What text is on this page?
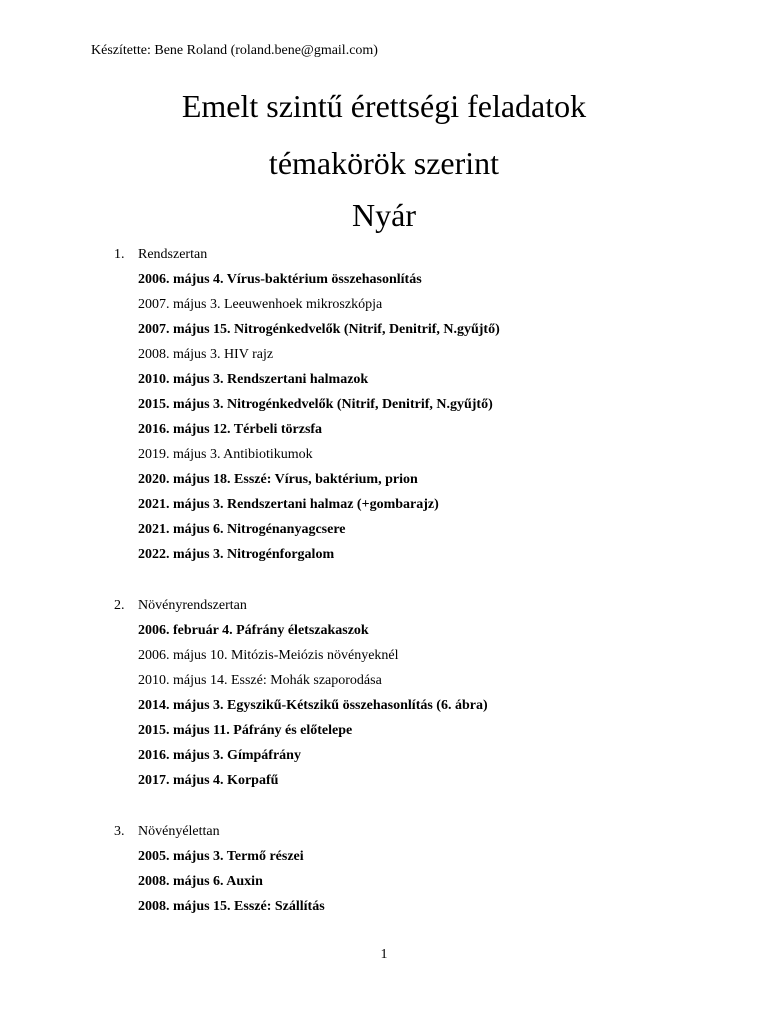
Készítette: Bene Roland (roland.bene@gmail.com)
Emelt szintű érettségi feladatok
témakörök szerint
Nyár
1. Rendszertan
2006. május 4. Vírus-baktérium összehasonlítás
2007. május 3. Leeuwenhoek mikroszkópja
2007. május 15. Nitrogénkedvelők (Nitrif, Denitrif, N.gyűjtő)
2008. május 3. HIV rajz
2010. május 3. Rendszertani halmazok
2015. május 3. Nitrogénkedvelők (Nitrif, Denitrif, N.gyűjtő)
2016. május 12. Térbeli törzsfa
2019. május 3. Antibiotikumok
2020. május 18. Esszé: Vírus, baktérium, prion
2021. május 3. Rendszertani halmaz (+gombarajz)
2021. május 6. Nitrogénanyagcsere
2022. május 3. Nitrogénforgalom
2. Növényrendszertan
2006. február 4. Páfrány életszakaszok
2006. május 10. Mitózis-Meiózis növényeknél
2010. május 14. Esszé: Mohák szaporodása
2014. május 3. Egyszikű-Kétszikű összehasonlítás (6. ábra)
2015. május 11. Páfrány és előtelepe
2016. május 3. Gímpáfrány
2017. május 4. Korpafű
3. Növényélettan
2005. május 3. Termő részei
2008. május 6. Auxin
2008. május 15. Esszé: Szállítás
1
